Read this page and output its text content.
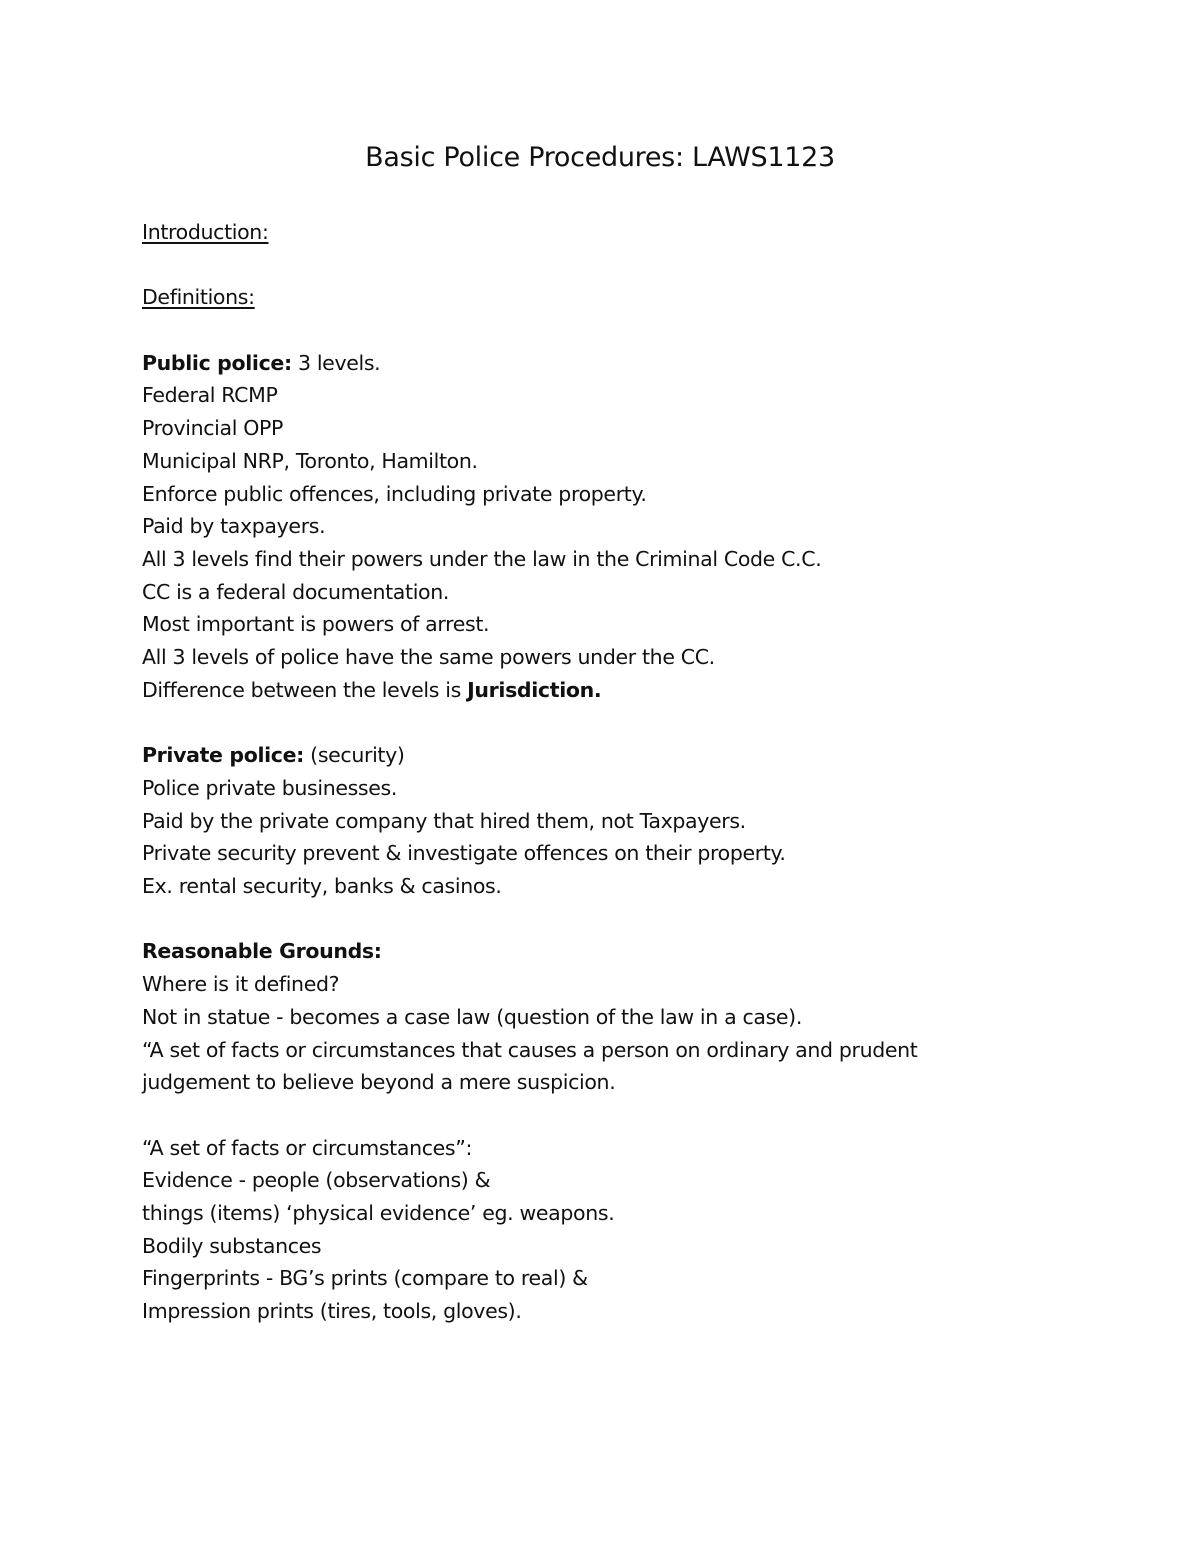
Basic Police Procedures: LAWS1123
Introduction:
Definitions:
Public police: 3 levels.
Federal RCMP
Provincial OPP
Municipal NRP, Toronto, Hamilton.
Enforce public offences, including private property.
Paid by taxpayers.
All 3 levels find their powers under the law in the Criminal Code C.C.
CC is a federal documentation.
Most important is powers of arrest.
All 3 levels of police have the same powers under the CC.
Difference between the levels is Jurisdiction.
Private police: (security)
Police private businesses.
Paid by the private company that hired them, not Taxpayers.
Private security prevent & investigate offences on their property.
Ex. rental security, banks & casinos.
Reasonable Grounds:
Where is it defined?
Not in statue - becomes a case law (question of the law in a case).
“A set of facts or circumstances that causes a person on ordinary and prudent
judgement to believe beyond a mere suspicion.
“A set of facts or circumstances”:
Evidence - people (observations) &
things (items) ‘physical evidence’ eg. weapons.
Bodily substances
Fingerprints - BG’s prints (compare to real) &
Impression prints (tires, tools, gloves).
